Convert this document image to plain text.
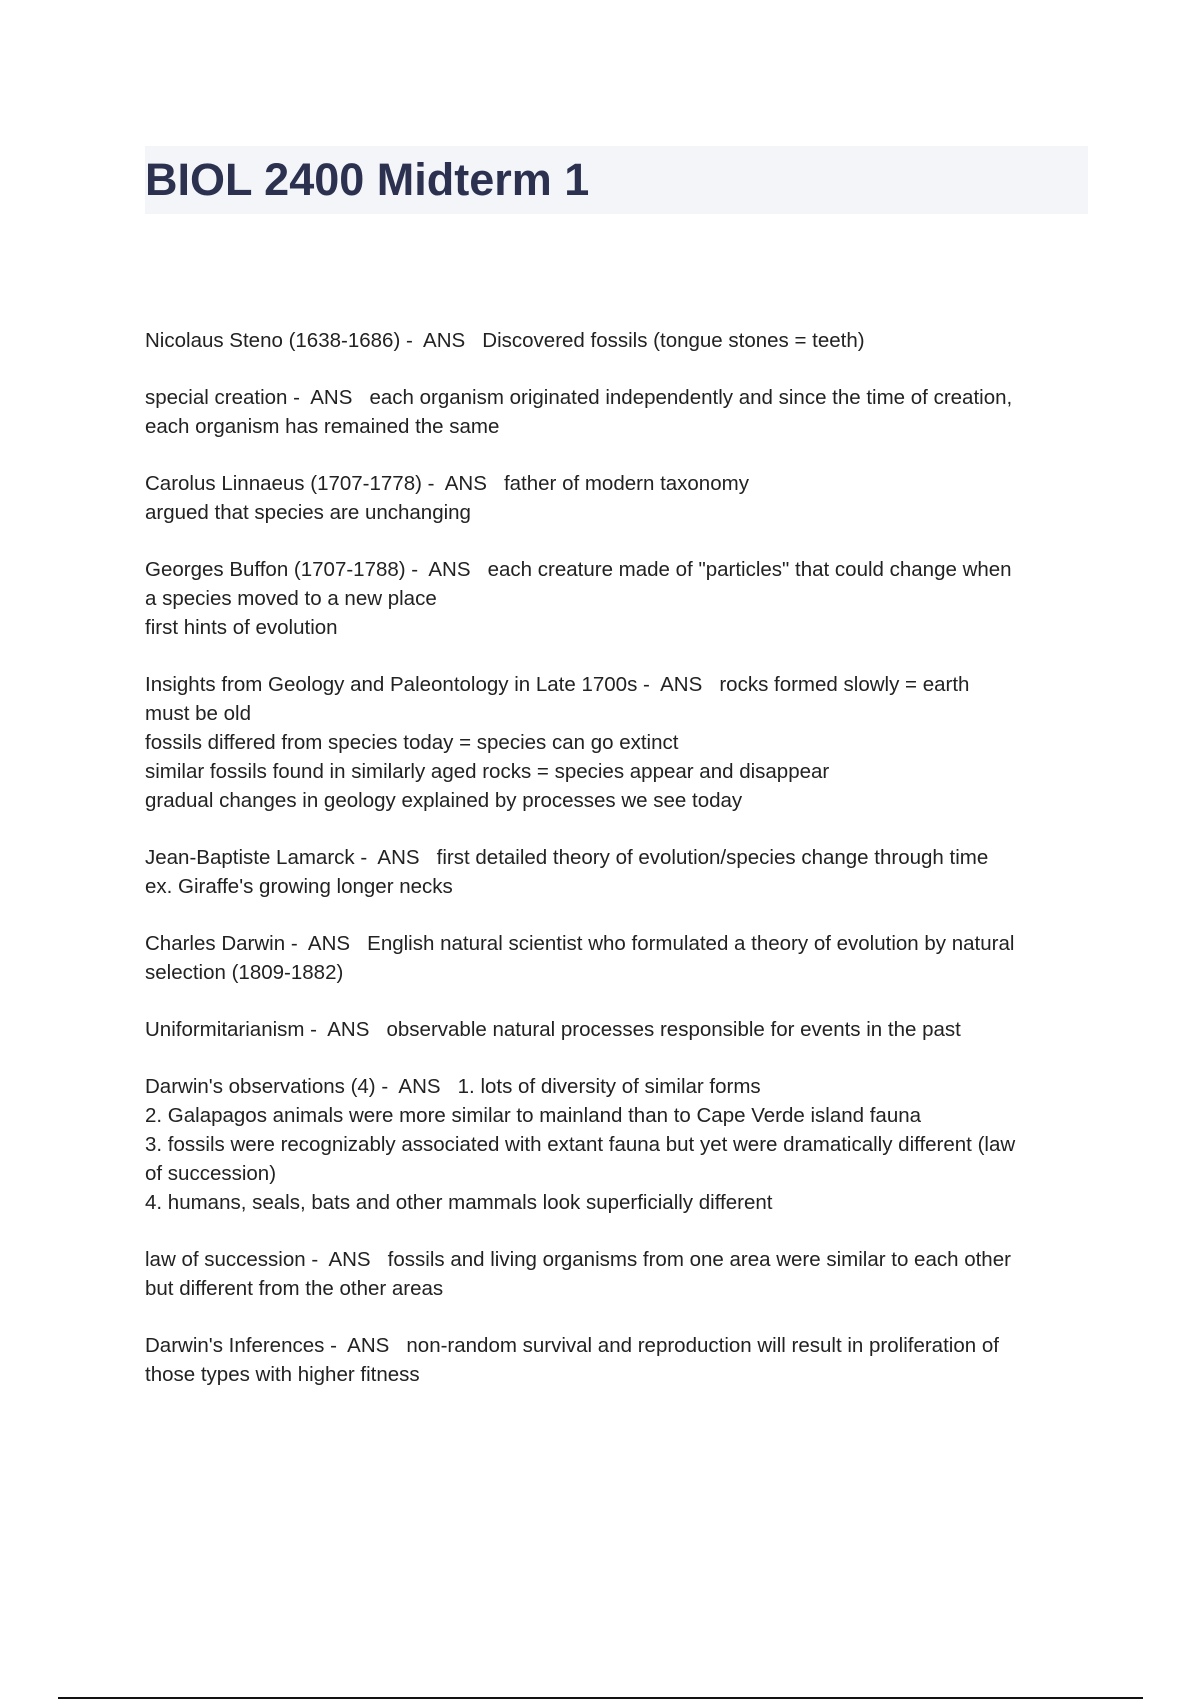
BIOL 2400 Midterm 1

Nicolaus Steno (1638-1686) -  ANS   Discovered fossils (tongue stones = teeth)

special creation -  ANS   each organism originated independently and since the time of creation,
each organism has remained the same

Carolus Linnaeus (1707-1778) -  ANS   father of modern taxonomy
argued that species are unchanging

Georges Buffon (1707-1788) -  ANS   each creature made of "particles" that could change when
a species moved to a new place
first hints of evolution

Insights from Geology and Paleontology in Late 1700s -  ANS   rocks formed slowly = earth
must be old
fossils differed from species today = species can go extinct
similar fossils found in similarly aged rocks = species appear and disappear
gradual changes in geology explained by processes we see today

Jean-Baptiste Lamarck -  ANS   first detailed theory of evolution/species change through time
ex. Giraffe's growing longer necks

Charles Darwin -  ANS   English natural scientist who formulated a theory of evolution by natural
selection (1809-1882)

Uniformitarianism -  ANS   observable natural processes responsible for events in the past

Darwin's observations (4) -  ANS   1. lots of diversity of similar forms
2. Galapagos animals were more similar to mainland than to Cape Verde island fauna
3. fossils were recognizably associated with extant fauna but yet were dramatically different (law
of succession)
4. humans, seals, bats and other mammals look superficially different

law of succession -  ANS   fossils and living organisms from one area were similar to each other
but different from the other areas

Darwin's Inferences -  ANS   non-random survival and reproduction will result in proliferation of
those types with higher fitness
